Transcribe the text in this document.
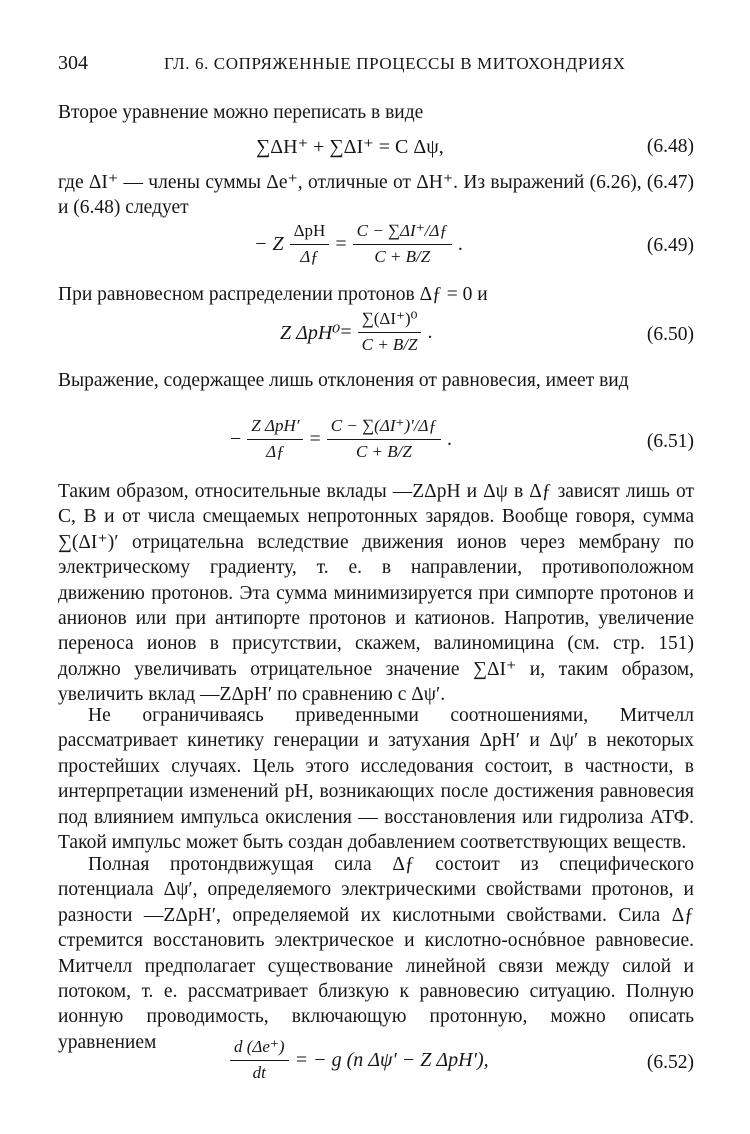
304	ГЛ. 6. СОПРЯЖЕННЫЕ ПРОЦЕССЫ В МИТОХОНДРИЯХ

Второе уравнение можно переписать в виде

∑ΔH⁺ + ∑ΔI⁺ = C Δψ,	(6.48)

где ΔI⁺ — члены суммы Δe⁺, отличные от ΔH⁺. Из выражений (6.26), (6.47) и (6.48) следует

− Z $\frac{\text{ΔpH}}{\Delta ƒ} = \frac{C - \sum\Delta I^+/\Delta ƒ}{C + B/Z}$ .	(6.49)

При равновесном распределении протонов Δƒ = 0 и

Z $\Delta pH^0 = \frac{\text{∑(ΔI⁺)⁰}}{C + B/Z}$ .	(6.50)

Выражение, содержащее лишь отклонения от равновесия, имеет вид

− $\frac{\text{Z ΔpH′}}{\Delta ƒ} = \frac{C - \sum(\Delta I^+)'/\Delta ƒ}{C + B/Z}$ .	(6.51)

Таким образом, относительные вклады —ZΔpH и Δψ в Δƒ зависят лишь от C, B и от числа смещаемых непротонных зарядов. Вообще говоря, сумма ∑(ΔI⁺)′ отрицательна вследствие движения ионов через мембрану по электрическому градиенту, т. е. в направлении, противоположном движению протонов. Эта сумма минимизируется при симпорте протонов и анионов или при антипорте протонов и катионов. Напротив, увеличение переноса ионов в присутствии, скажем, валиномицина (см. стр. 151) должно увеличивать отрицательное значение ∑ΔI⁺ и, таким образом, увеличить вклад —ZΔpH′ по сравнению с Δψ′.

Не ограничиваясь приведенными соотношениями, Митчелл рассматривает кинетику генерации и затухания ΔpH′ и Δψ′ в некоторых простейших случаях. Цель этого исследования состоит, в частности, в интерпретации изменений pH, возникающих после достижения равновесия под влиянием импульса окисления — восстановления или гидролиза АТФ. Такой импульс может быть создан добавлением соответствующих веществ.

Полная протондвижущая сила Δƒ состоит из специфического потенциала Δψ′, определяемого электрическими свойствами протонов, и разности —ZΔpH′, определяемой их кислотными свойствами. Сила Δƒ стремится восстановить электрическое и кислотно-оснóвное равновесие. Митчелл предполагает существование линейной связи между силой и потоком, т. е. рассматривает близкую к равновесию ситуацию. Полную ионную проводимость, включающую протонную, можно описать уравнением	$\frac{d (\Delta e^+)}{dt}$ = − g (n Δψ′ − Z ΔpH′),	(6.52)
